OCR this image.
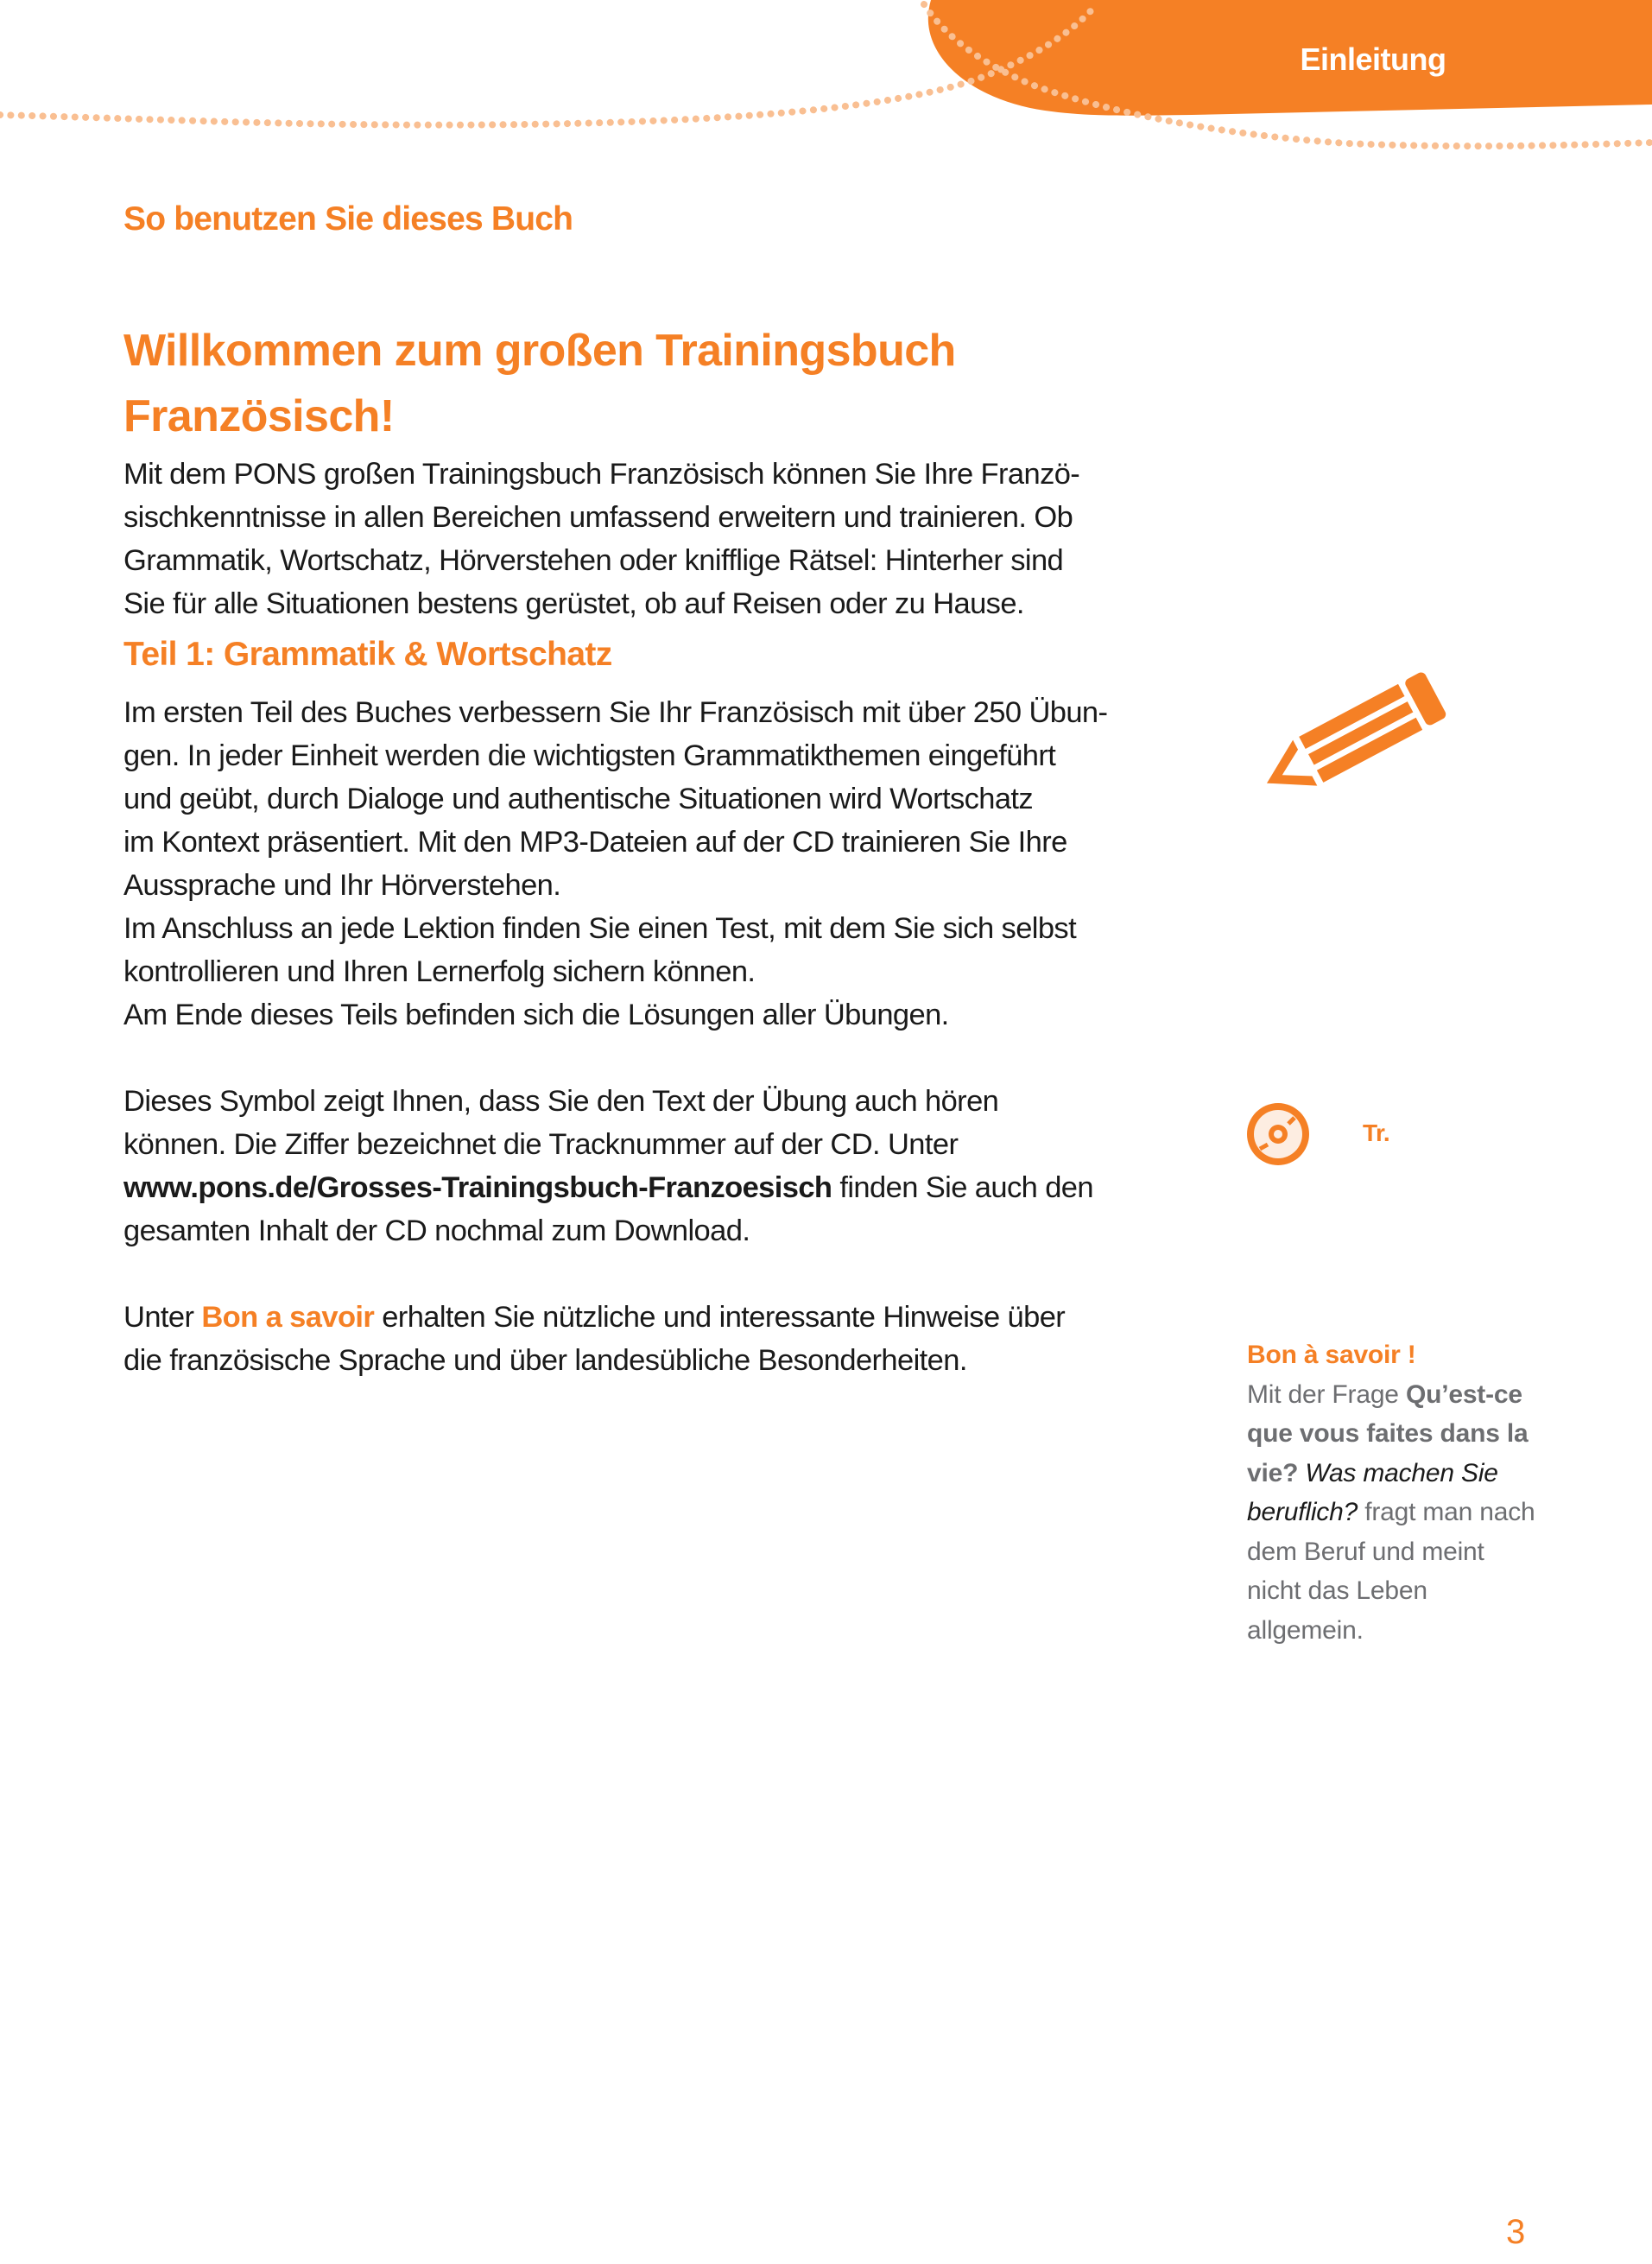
Einleitung
So benutzen Sie dieses Buch
Willkommen zum großen Trainingsbuch
Französisch!

Mit dem PONS großen Trainingsbuch Französisch können Sie Ihre Franzö-
sischkenntnisse in allen Bereichen umfassend erweitern und trainieren. Ob
Grammatik, Wortschatz, Hörverstehen oder knifflige Rätsel: Hinterher sind
Sie für alle Situationen bestens gerüstet, ob auf Reisen oder zu Hause.

Teil 1: Grammatik & Wortschatz

Im ersten Teil des Buches verbessern Sie Ihr Französisch mit über 250 Übun-
gen. In jeder Einheit werden die wichtigsten Grammatikthemen eingeführt
und geübt, durch Dialoge und authentische Situationen wird Wortschatz
im Kontext präsentiert. Mit den MP3-Dateien auf der CD trainieren Sie Ihre
Aussprache und Ihr Hörverstehen.
Im Anschluss an jede Lektion finden Sie einen Test, mit dem Sie sich selbst
kontrollieren und Ihren Lernerfolg sichern können.
Am Ende dieses Teils befinden sich die Lösungen aller Übungen.

Dieses Symbol zeigt Ihnen, dass Sie den Text der Übung auch hören
können. Die Ziffer bezeichnet die Tracknummer auf der CD. Unter
www.pons.de/Grosses-Trainingsbuch-Franzoesisch finden Sie auch den
gesamten Inhalt der CD nochmal zum Download.

Unter Bon a savoir erhalten Sie nützliche und interessante Hinweise über
die französische Sprache und über landesübliche Besonderheiten.

Tr.
Bon à savoir !
Mit der Frage Qu’est-ce que vous faites dans la vie? Was machen Sie beruflich? fragt man nach dem Beruf und meint nicht das Leben allgemein.
3
